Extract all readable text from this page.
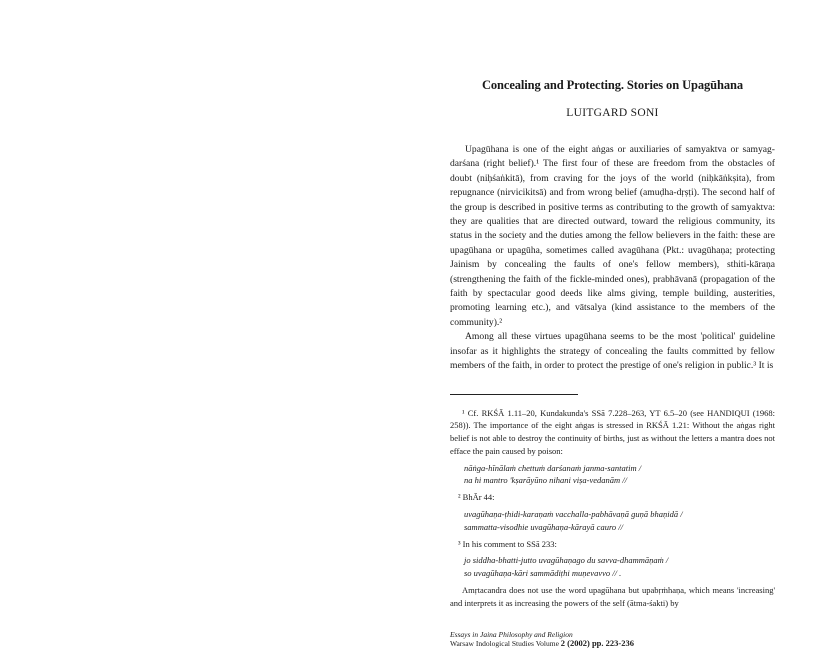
Concealing and Protecting. Stories on Upagūhana
LUITGARD SONI

Upagūhana is one of the eight aṅgas or auxiliaries of samyaktva or samyag-darśana (right belief).¹ The first four of these are freedom from the obstacles of doubt (niḥśaṅkitā), from craving for the joys of the world (niḥkāṅkṣita), from repugnance (nirvicikitsā) and from wrong belief (amuḍha-dṛṣṭi). The second half of the group is described in positive terms as contributing to the growth of samyaktva: they are qualities that are directed outward, toward the religious community, its status in the society and the duties among the fellow believers in the faith: these are upagūhana or upagūha, sometimes called avagūhana (Pkt.: uvagūhaṇa; protecting Jainism by concealing the faults of one's fellow members), sthiti-kāraṇa (strengthening the faith of the fickle-minded ones), prabhāvanā (propagation of the faith by spectacular good deeds like alms giving, temple building, austerities, promoting learning etc.), and vātsalya (kind assistance to the members of the community).²

Among all these virtues upagūhana seems to be the most 'political' guideline insofar as it highlights the strategy of concealing the faults committed by fellow members of the faith, in order to protect the prestige of one's religion in public.³ It is

¹ Cf. RKŚĀ 1.11–20, Kundakunda's SSā 7.228–263, YT 6.5–20 (see HANDIQUI (1968: 258)). The importance of the eight aṅgas is stressed in RKŚĀ 1.21: Without the aṅgas right belief is not able to destroy the continuity of births, just as without the letters a mantra does not efface the pain caused by poison:

nāṅga-hīnālaṁ chettuṁ darśanaṁ janma-santatim /
na hi mantro 'kṣarāyūno nihani viṣa-vedanām //

² BhĀr 44:

uvagūhaṇa-ṭhidi-karaṇaṁ vacchalla-pabhāvaṇā guṇā bhaṇidā /
sammatta-visodhie uvagūhaṇa-kārayā cauro //

³ In his comment to SSā 233:

jo siddha-bhatti-jutto uvagūhaṇago du savva-dhammāṇaṁ /
so uvagūhaṇa-kāri sammādiṭhi muṇevavvo // .

Amṛtacandra does not use the word upagūhana but upabṛṁhaṇa, which means 'increasing' and interprets it as increasing the powers of the self (ātma-śakti) by

Essays in Jaina Philosophy and Religion
Warsaw Indological Studies Volume 2 (2002) pp. 223-236
